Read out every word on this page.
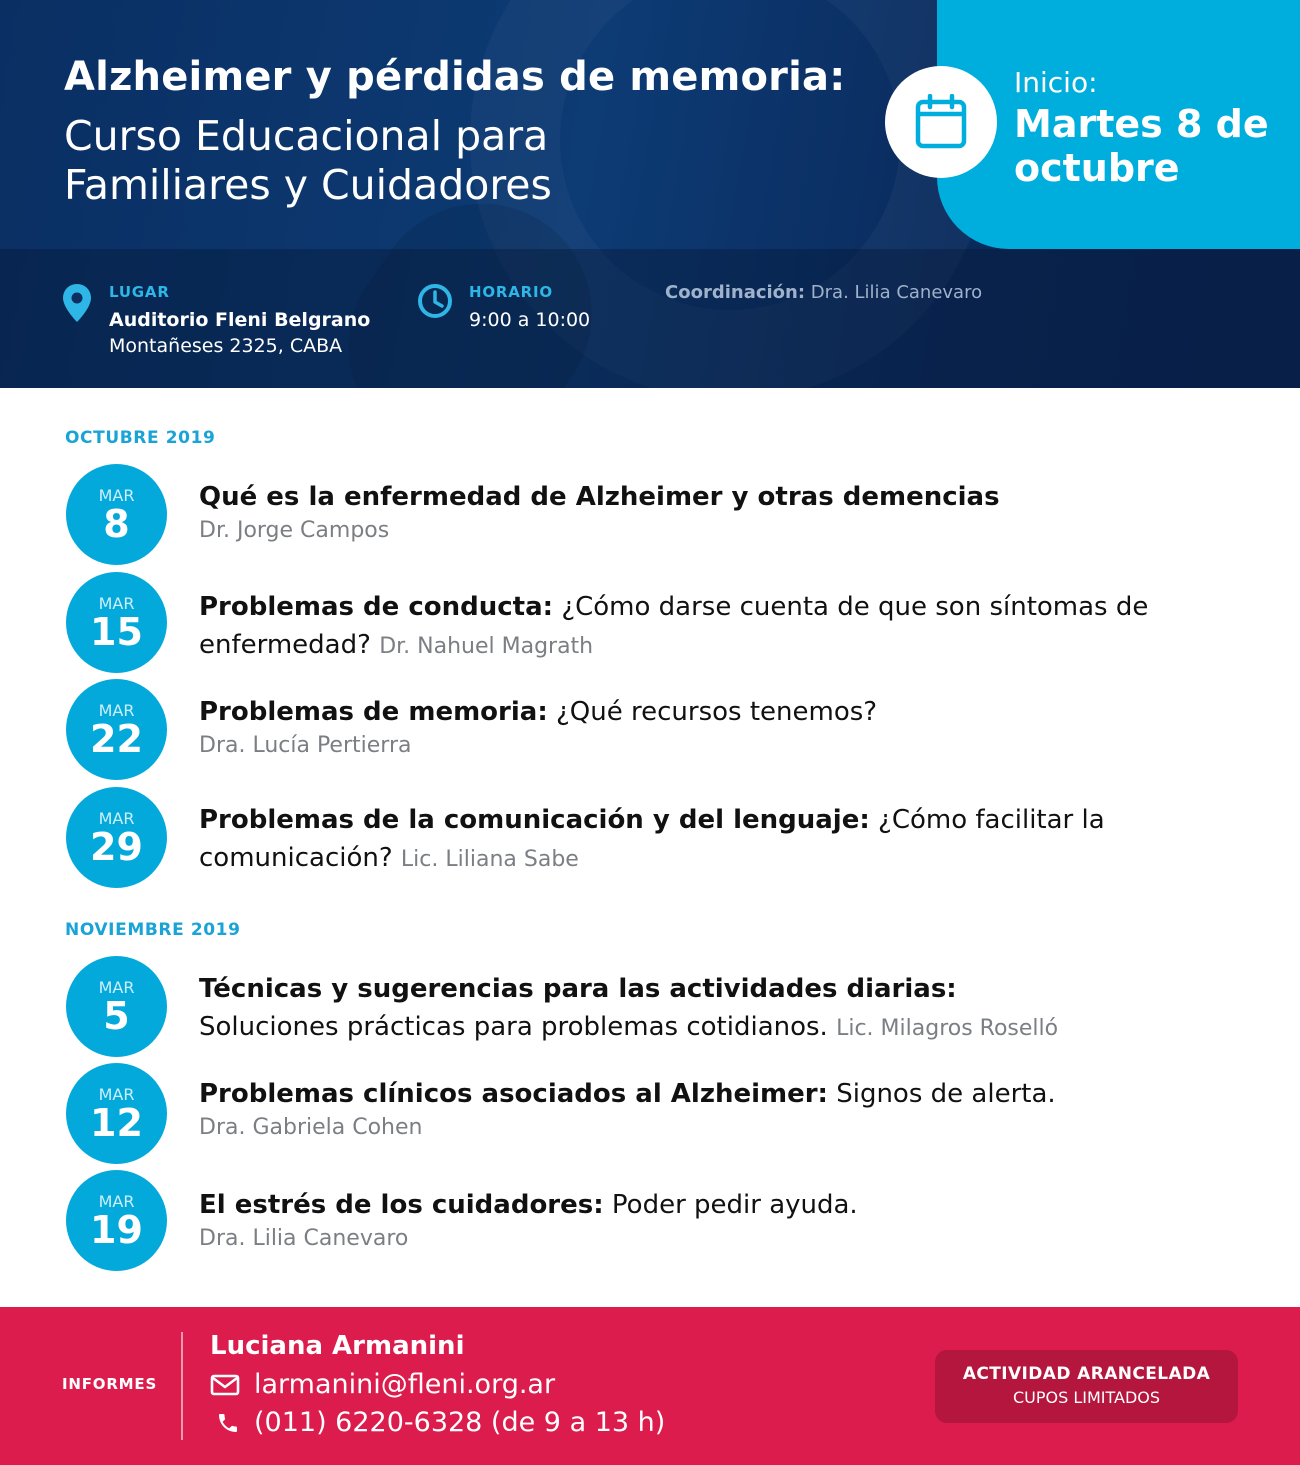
Alzheimer y pérdidas de memoria:
Curso Educacional para Familiares y Cuidadores
LUGAR
Auditorio Fleni Belgrano
Montañeses 2325, CABA
HORARIO
9:00 a 10:00
Coordinación: Dra. Lilia Canevaro
Inicio:
Martes 8 de octubre
OCTUBRE 2019
MAR
8
Qué es la enfermedad de Alzheimer y otras demencias
Dr. Jorge Campos
MAR
15
Problemas de conducta: ¿Cómo darse cuenta de que son síntomas de enfermedad? Dr. Nahuel Magrath
MAR
22
Problemas de memoria: ¿Qué recursos tenemos?
Dra. Lucía Pertierra
MAR
29
Problemas de la comunicación y del lenguaje: ¿Cómo facilitar la comunicación? Lic. Liliana Sabe
NOVIEMBRE 2019
MAR
5
Técnicas y sugerencias para las actividades diarias:
Soluciones prácticas para problemas cotidianos. Lic. Milagros Roselló
MAR
12
Problemas clínicos asociados al Alzheimer: Signos de alerta.
Dra. Gabriela Cohen
MAR
19
El estrés de los cuidadores: Poder pedir ayuda.
Dra. Lilia Canevaro
INFORMES
Luciana Armanini
larmanini@fleni.org.ar
(011) 6220-6328 (de 9 a 13 h)
ACTIVIDAD ARANCELADA
CUPOS LIMITADOS
